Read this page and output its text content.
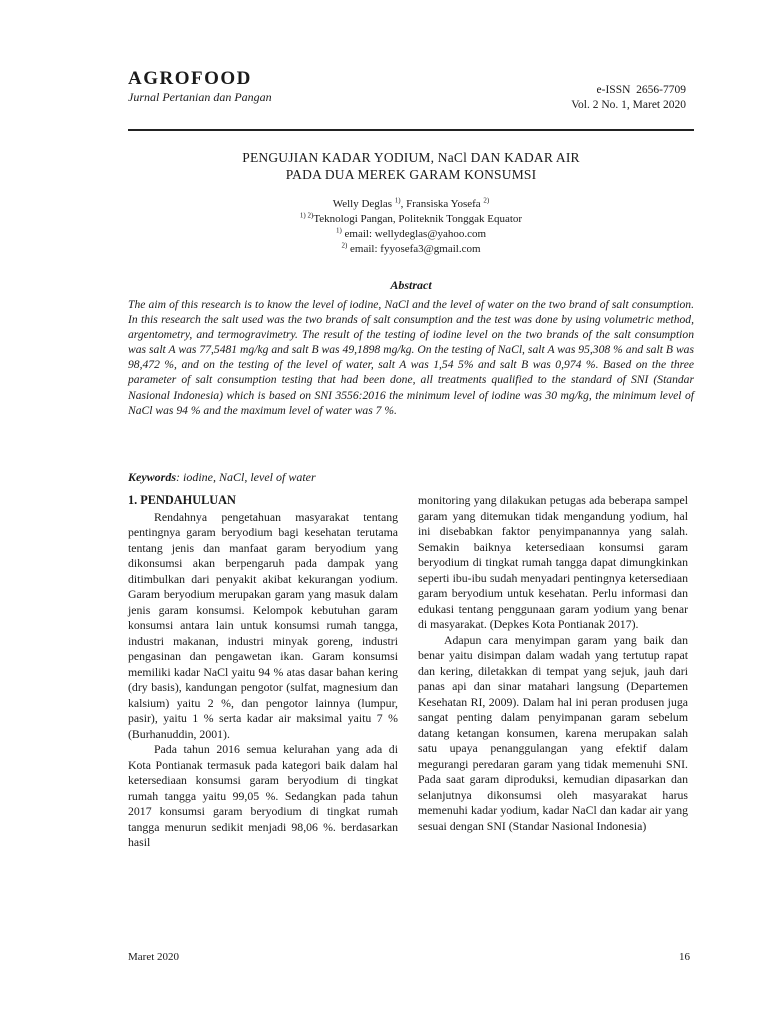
AGROFOOD
Jurnal Pertanian dan Pangan	e-ISSN  2656-7709
Vol. 2 No. 1, Maret 2020
PENGUJIAN KADAR YODIUM, NaCl DAN KADAR AIR
PADA DUA MEREK GARAM KONSUMSI
Welly Deglas $^{1)}$, Fransiska Yosefa $^{2)}$
$^{1) 2)}$Teknologi Pangan, Politeknik Tonggak Equator
$^{1)}$ email: wellydeglas@yahoo.com
$^{2)}$ email: fyyosefa3@gmail.com
Abstract
The aim of this research is to know the level of iodine, NaCl and the level of water on the two brand of salt consumption. In this research the salt used was the two brands of salt consumption and the test was done by using volumetric method, argentometry, and termogravimetry. The result of the testing of iodine level on the two brands of the salt consumption was salt A was 77,5481 mg/kg and salt B was 49,1898 mg/kg. On the testing of NaCl, salt A was 95,308 % and salt B was 98,472 %, and on the testing of the level of water, salt A was 1,54 5% and salt B was 0,974 %. Based on the three parameter of salt consumption testing that had been done, all treatments qualified to the standard of SNI (Standar Nasional Indonesia) which is based on SNI 3556:2016 the minimum level of iodine was 30 mg/kg, the minimum level of NaCl was 94 % and the maximum level of water was 7 %.
Keywords: iodine, NaCl, level of water
1. PENDAHULUAN

Rendahnya pengetahuan masyarakat tentang pentingnya garam beryodium bagi kesehatan terutama tentang jenis dan manfaat garam beryodium yang dikonsumsi akan berpengaruh pada dampak yang ditimbulkan dari penyakit akibat kekurangan yodium. Garam beryodium merupakan garam yang masuk dalam jenis garam konsumsi. Kelompok kebutuhan garam konsumsi antara lain untuk konsumsi rumah tangga, industri makanan, industri minyak goreng, industri pengasinan dan pengawetan ikan. Garam konsumsi memiliki kadar NaCl yaitu 94 % atas dasar bahan kering (dry basis), kandungan pengotor (sulfat, magnesium dan kalsium) yaitu 2 %, dan pengotor lainnya (lumpur, pasir), yaitu 1 % serta kadar air maksimal yaitu 7 % (Burhanuddin, 2001).

Pada tahun 2016 semua kelurahan yang ada di Kota Pontianak termasuk pada kategori baik dalam hal ketersediaan konsumsi garam beryodium di tingkat rumah tangga yaitu 99,05 %. Sedangkan pada tahun 2017 konsumsi garam beryodium di tingkat rumah tangga menurun sedikit menjadi 98,06 %. berdasarkan hasil

monitoring yang dilakukan petugas ada beberapa sampel garam yang ditemukan tidak mengandung yodium, hal ini disebabkan faktor penyimpanannya yang salah. Semakin baiknya ketersediaan konsumsi garam beryodium di tingkat rumah tangga dapat dimungkinkan seperti ibu-ibu sudah menyadari pentingnya ketersediaan garam beryodium untuk kesehatan. Perlu informasi dan edukasi tentang penggunaan garam yodium yang benar di masyarakat. (Depkes Kota Pontianak 2017).

Adapun cara menyimpan garam yang baik dan benar yaitu disimpan dalam wadah yang tertutup rapat dan kering, diletakkan di tempat yang sejuk, jauh dari panas api dan sinar matahari langsung (Departemen Kesehatan RI, 2009). Dalam hal ini peran produsen juga sangat penting dalam penyimpanan garam sebelum datang ketangan konsumen, karena merupakan salah satu upaya penanggulangan yang efektif dalam megurangi peredaran garam yang tidak memenuhi SNI. Pada saat garam diproduksi, kemudian dipasarkan dan selanjutnya dikonsumsi oleh masyarakat harus memenuhi kadar yodium, kadar NaCl dan kadar air yang sesuai dengan SNI (Standar Nasional Indonesia)

Maret 2020	16
